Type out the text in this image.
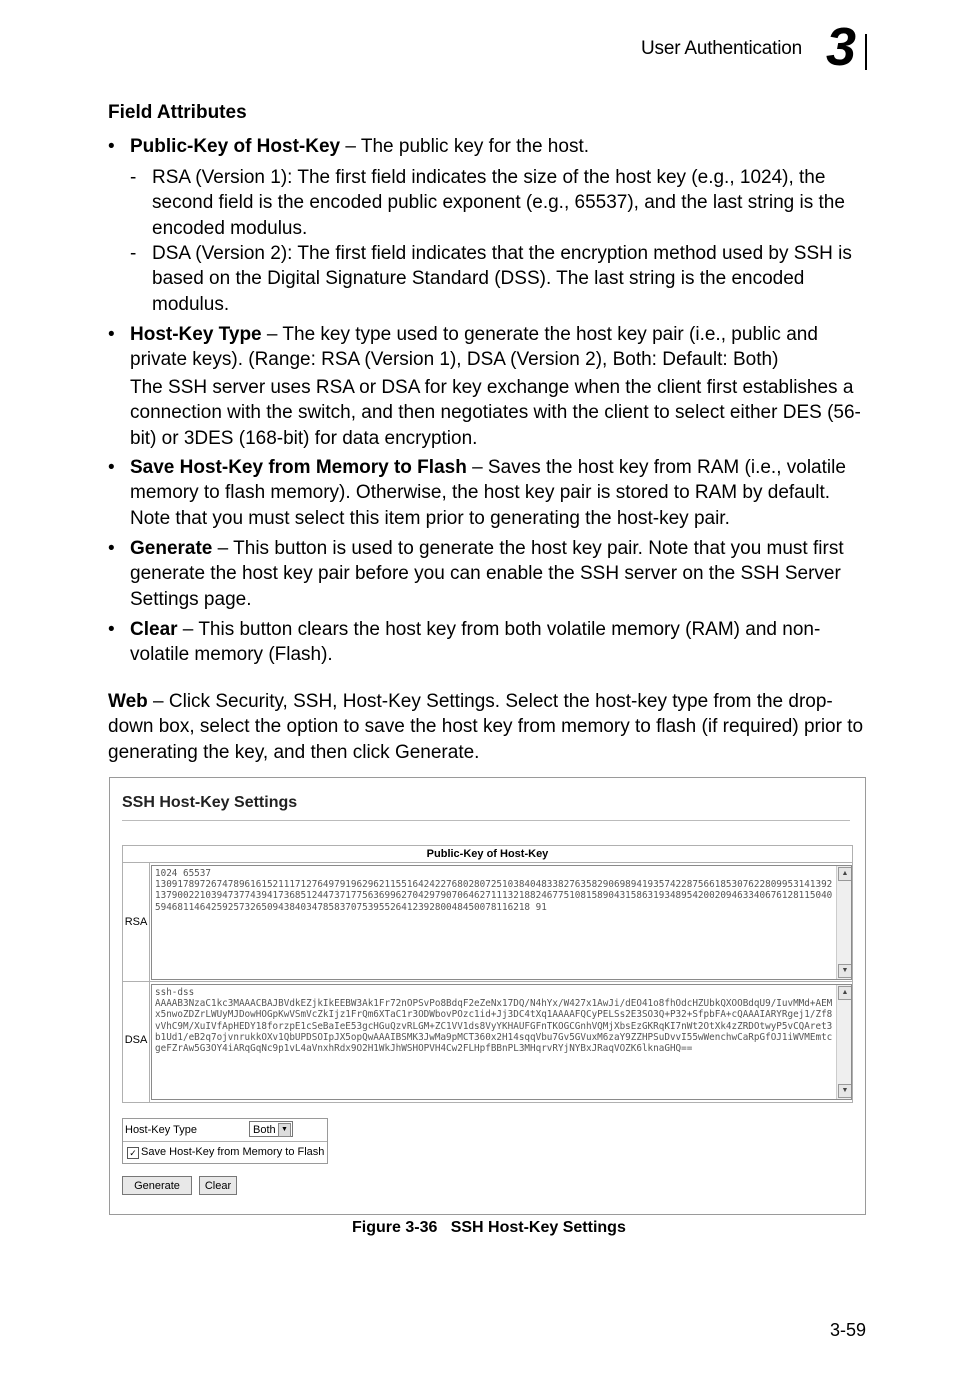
User Authentication 3
Field Attributes
• Public-Key of Host-Key – The public key for the host.
- RSA (Version 1): The first field indicates the size of the host key (e.g., 1024), the second field is the encoded public exponent (e.g., 65537), and the last string is the encoded modulus.
- DSA (Version 2): The first field indicates that the encryption method used by SSH is based on the Digital Signature Standard (DSS). The last string is the encoded modulus.
• Host-Key Type – The key type used to generate the host key pair (i.e., public and private keys). (Range: RSA (Version 1), DSA (Version 2), Both: Default: Both)
The SSH server uses RSA or DSA for key exchange when the client first establishes a connection with the switch, and then negotiates with the client to select either DES (56-bit) or 3DES (168-bit) for data encryption.
• Save Host-Key from Memory to Flash – Saves the host key from RAM (i.e., volatile memory to flash memory). Otherwise, the host key pair is stored to RAM by default. Note that you must select this item prior to generating the host-key pair.
• Generate – This button is used to generate the host key pair. Note that you must first generate the host key pair before you can enable the SSH server on the SSH Server Settings page.
• Clear – This button clears the host key from both volatile memory (RAM) and non-volatile memory (Flash).
Web – Click Security, SSH, Host-Key Settings. Select the host-key type from the drop-down box, select the option to save the host key from memory to flash (if required) prior to generating the key, and then click Generate.
SSH Host-Key Settings
Public-Key of Host-Key
RSA
1024 65537
130917897267478961615211171276497919629621155164242276802807251038404833827635829069894193574228756618530762280995314139213790022103947377439417368512447371775636996270429790706462711132188246775108158904315863193489542002094633406761281150405946811464259257326509438403478583707539552641239280048450078116218 91
▲
▼
DSA
ssh-dss
AAAAB3NzaC1kc3MAAACBAJBVdkEZjkIkEEBW3Ak1Fr72nOPSvPo8BdqF2eZeNx17DQ/N4hYx/W427x1AwJi/dEO41o8fhOdcHZUbkQXOOBdqU9/IuvMMd+AEMx5nwoZDZrLWUyMJDowHOGpKwVSmVcZkIjz1FrQm6XTaC1r3ODWbovPOzc1id+Jj3DC4tXq1AAAAFQCyPELSs2E3SO3Q+P32+SfpbFA+cQAAAIARYRgej1/Zf8vVhC9M/XuIVfApHEDY18forzpE1cSeBaIeE53gcHGuQzvRLGM+ZC1VV1ds8VyYKHAUFGFnTKOGCGnhVQMjXbsEzGKRqKI7nWt2OtXk4zZRDOtwyP5vCQAret3b1Ud1/eB2q7ojvnrukkOXv1QbUPDSOIpJX5opQwAAAIBSMK3JwMa9pMCT360x2H14sqqVbu7Gv5GVuxM6zaY9ZZHPSuDvvI55wWenchwCaRpGfOJ1iWVMEmtcgeFZrAw5G3OY4iARqGqNc9p1vL4aVnxhRdx9O2H1WkJhWSHOPVH4Cw2FLHpfBBnPL3MHqrvRYjNYBxJRaqVOZK6lknaGHQ==
▲
▼
Host-Key Type	Both ▼
✓ Save Host-Key from Memory to Flash
Generate	Clear
Figure 3-36   SSH Host-Key Settings
3-59
